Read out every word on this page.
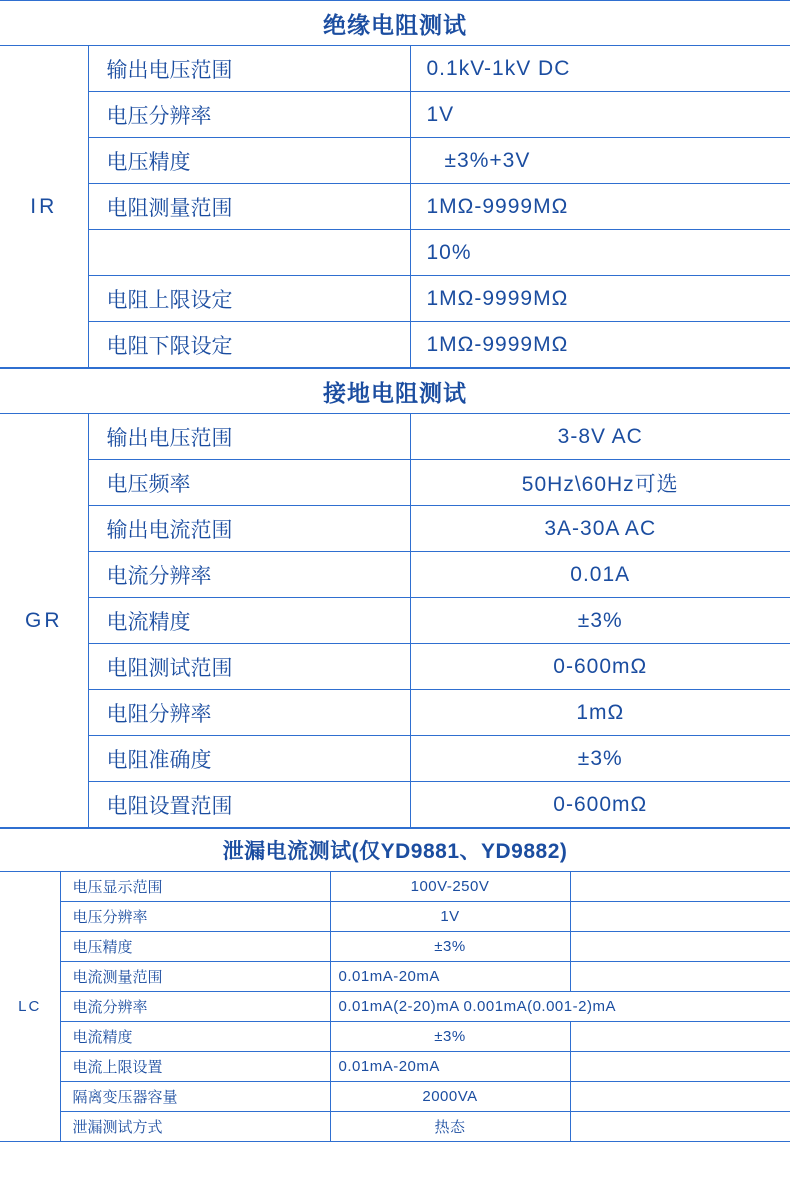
绝缘电阻测试		
IR	输出电压范围	0.1kV-1kV DC
	电压分辨率	1V
	电压精度	±3%+3V
	电阻测量范围	1MΩ-9999MΩ
		10%
	电阻上限设定	1MΩ-9999MΩ
	电阻下限设定	1MΩ-9999MΩ
接地电阻测试		
GR	输出电压范围	3-8V AC
	电压频率	50Hz\60Hz可选
	输出电流范围	3A-30A AC
	电流分辨率	0.01A
	电流精度	±3%
	电阻测试范围	0-600mΩ
	电阻分辨率	1mΩ
	电阻准确度	±3%
	电阻设置范围	0-600mΩ
泄漏电流测试(仅YD9881、YD9882)			
LC	电压显示范围	100V-250V	
	电压分辨率	1V	
	电压精度	±3%	
	电流测量范围	0.01mA-20mA	
	电流分辨率	0.01mA(2-20)mA 0.001mA(0.001-2)mA	
	电流精度	±3%	
	电流上限设置	0.01mA-20mA	
	隔离变压器容量	2000VA	
	泄漏测试方式	热态	
